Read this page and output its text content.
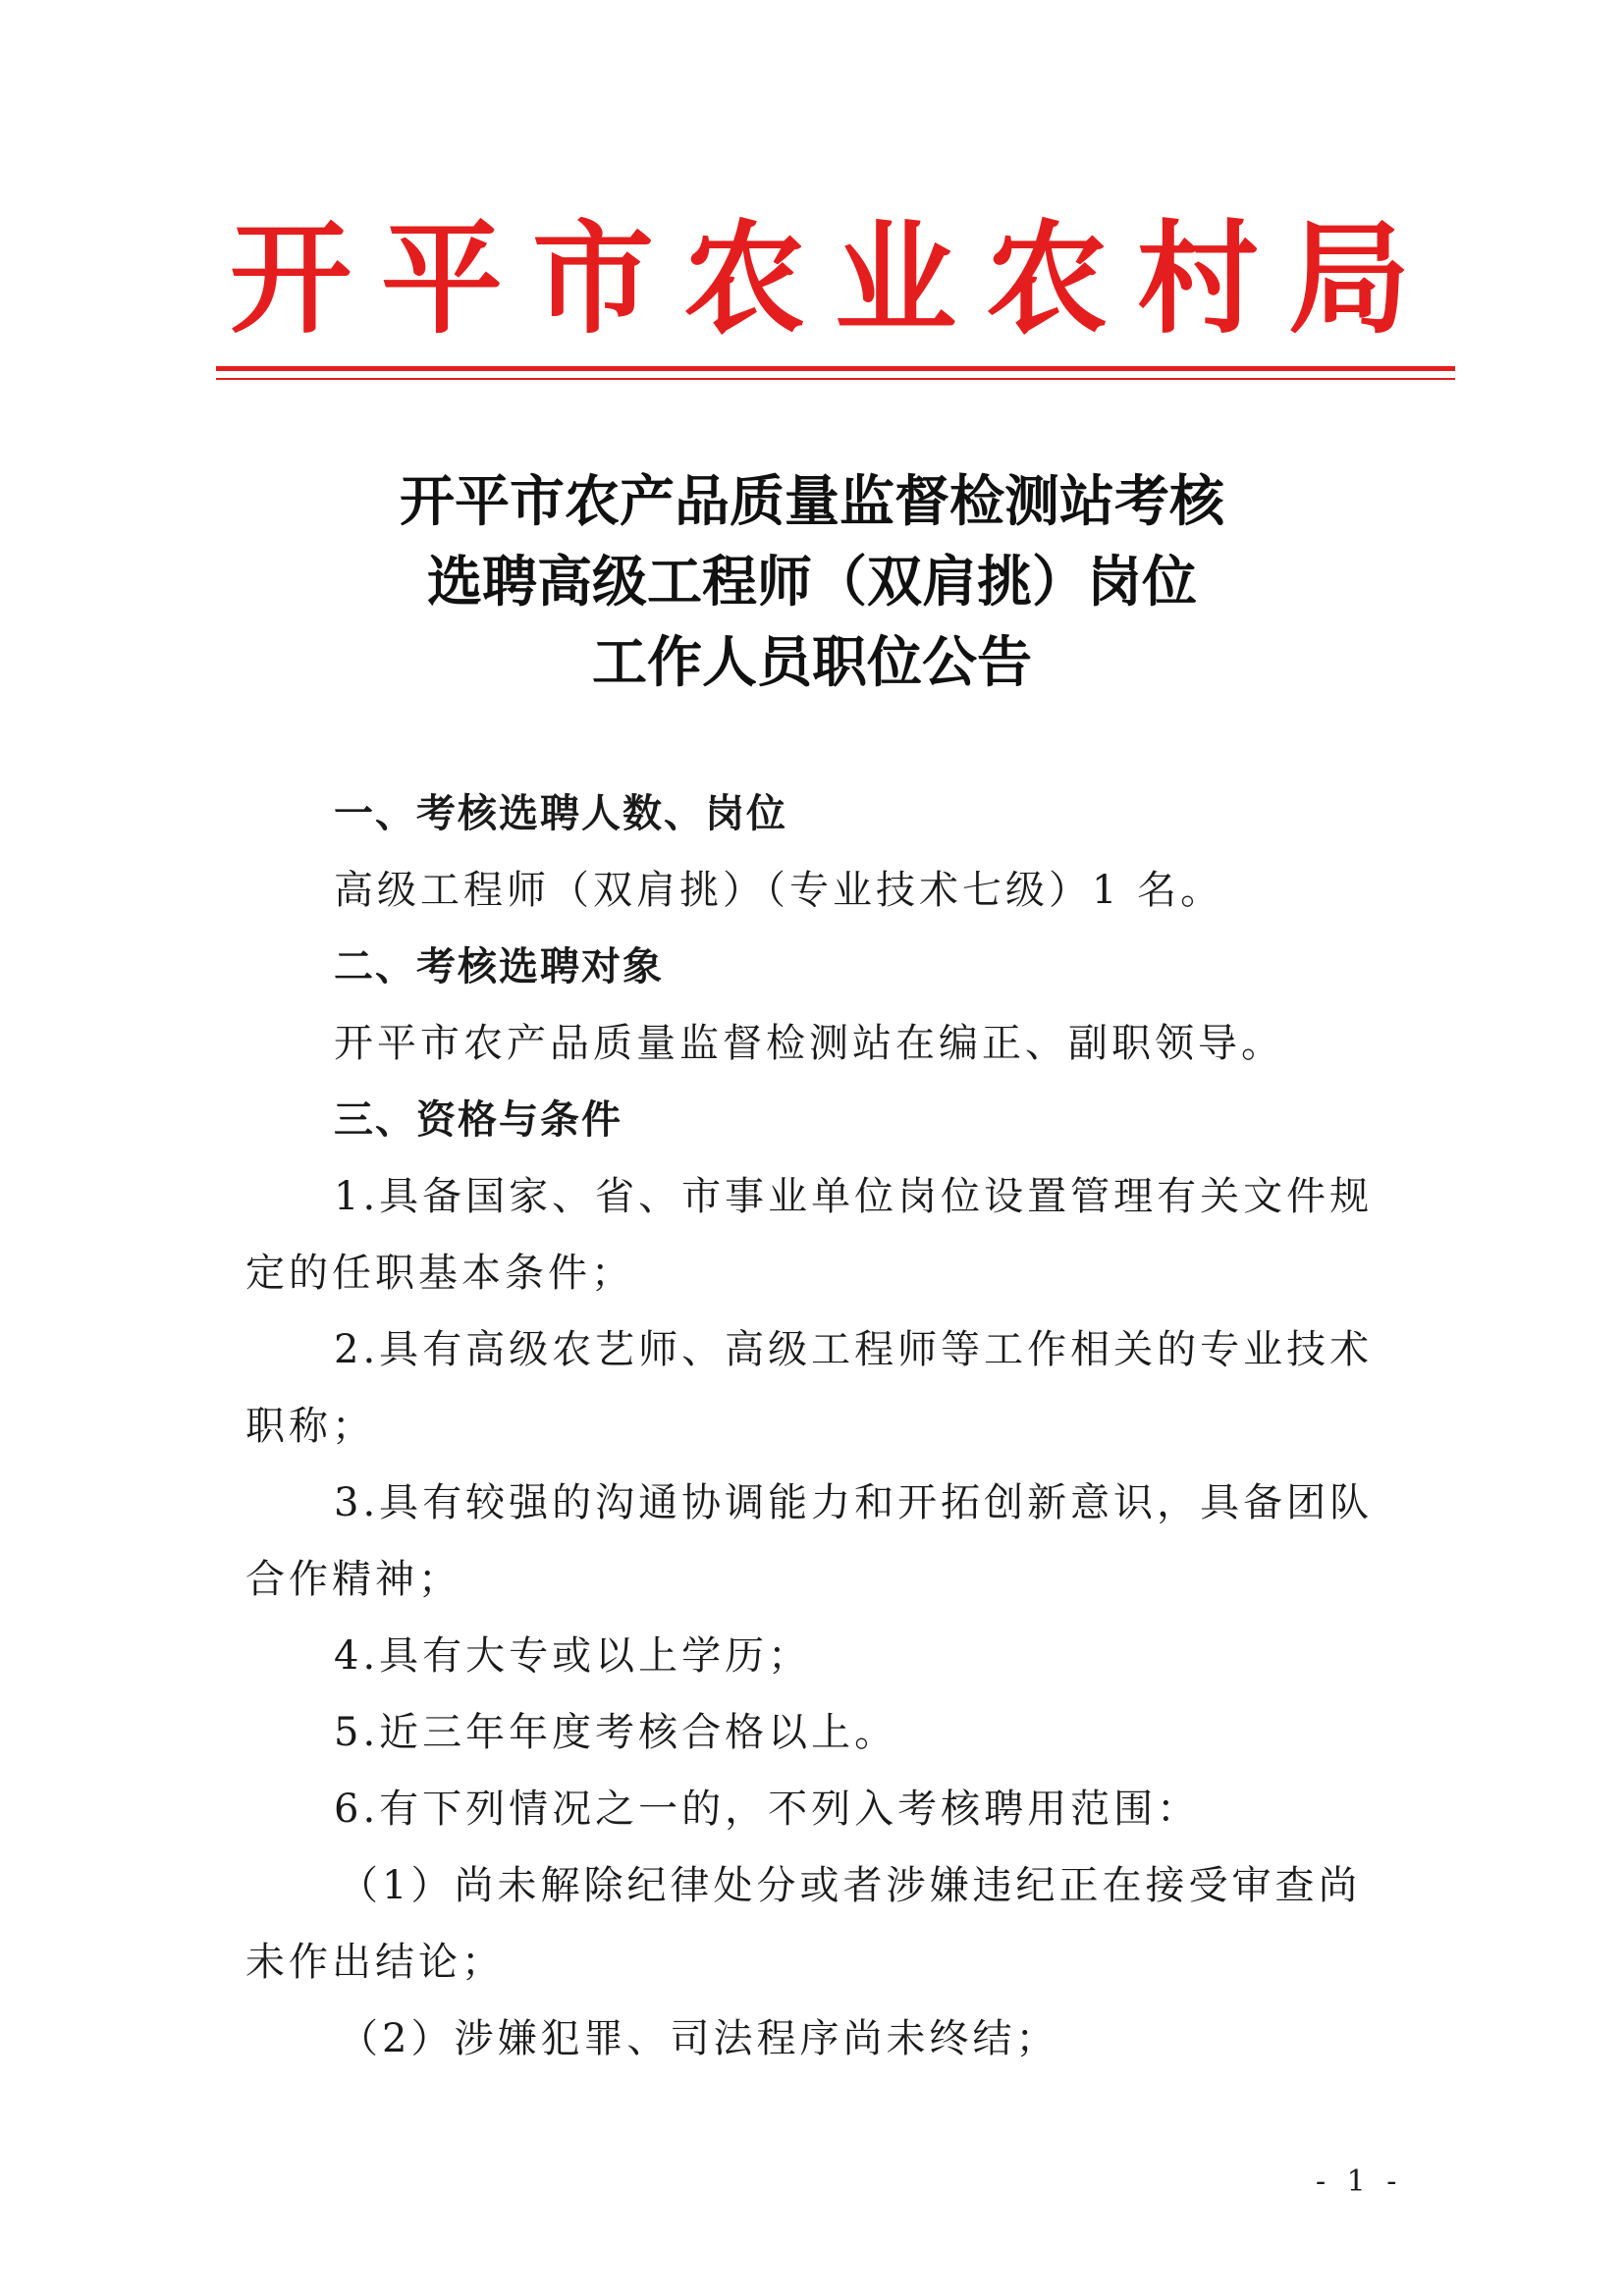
开平市农业农村局
开平市农产品质量监督检测站考核
选聘高级工程师（双肩挑）岗位
工作人员职位公告

一、考核选聘人数、岗位

高级工程师（双肩挑）（专业技术七级）1 名。

二、考核选聘对象

开平市农产品质量监督检测站在编正、副职领导。

三、资格与条件

1.具备国家、省、市事业单位岗位设置管理有关文件规定的任职基本条件；

2.具有高级农艺师、高级工程师等工作相关的专业技术职称；

3.具有较强的沟通协调能力和开拓创新意识，具备团队合作精神；

4.具有大专或以上学历；

5.近三年年度考核合格以上。

6.有下列情况之一的，不列入考核聘用范围：

（1）尚未解除纪律处分或者涉嫌违纪正在接受审查尚未作出结论；

（2）涉嫌犯罪、司法程序尚未终结；

- 1 -
